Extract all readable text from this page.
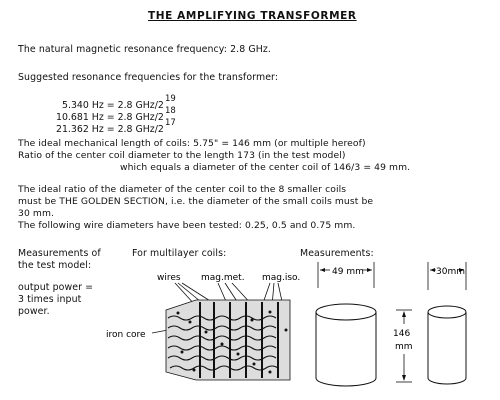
THE AMPLIFYING TRANSFORMER
The natural magnetic resonance frequency: 2.8 GHz.
Suggested resonance frequencies for the transformer:
5.340 Hz = 2.8 GHz/2
19
10.681 Hz = 2.8 GHz/2
18
21.362 Hz = 2.8 GHz/2
17
The ideal mechanical length of coils: 5.75" = 146 mm (or multiple hereof)
Ratio of the center coil diameter to the length 173 (in the test model)
which equals a diameter of the center coil of 146/3 = 49 mm.
The ideal ratio of the diameter of the center coil to the 8 smaller coils
must be THE GOLDEN SECTION, i.e. the diameter of the small coils must be
30 mm.
The following wire diameters have been tested: 0.25, 0.5 and 0.75 mm.
Measurements of
the test model:
output power =
3 times input
power.
For multilayer coils:	Measurements:
wires mag.met. mag.iso.
iron core
49 mm
146
mm
30mm
